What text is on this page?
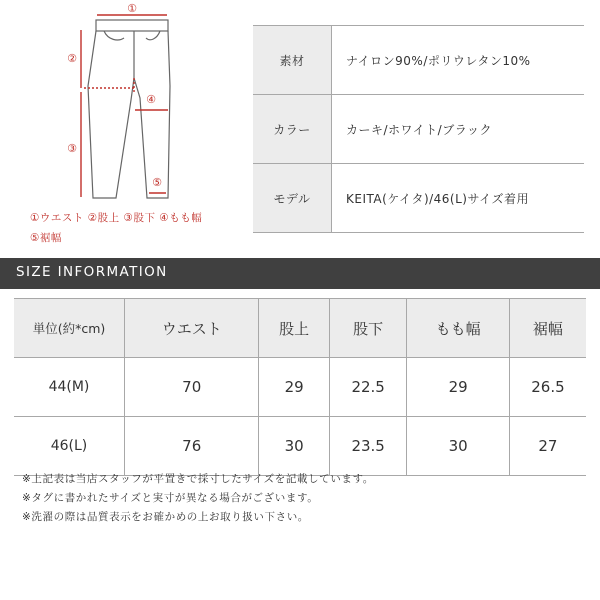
①
②
④
③
⑤
①ウエスト ②股上 ③股下 ④もも幅
⑤裾幅
素材	ナイロン90%/ポリウレタン10%
カラー	カーキ/ホワイト/ブラック
モデル	KEITA(ケイタ)/46(L)サイズ着用
SIZE INFORMATION
単位(約*cm)	ウエスト	股上	股下	もも幅	裾幅
44(M)	70	29	22.5	29	26.5
46(L)	76	30	23.5	30	27
※上記表は当店スタッフが平置きで採寸したサイズを記載しています。
※タグに書かれたサイズと実寸が異なる場合がございます。
※洗濯の際は品質表示をお確かめの上お取り扱い下さい。
